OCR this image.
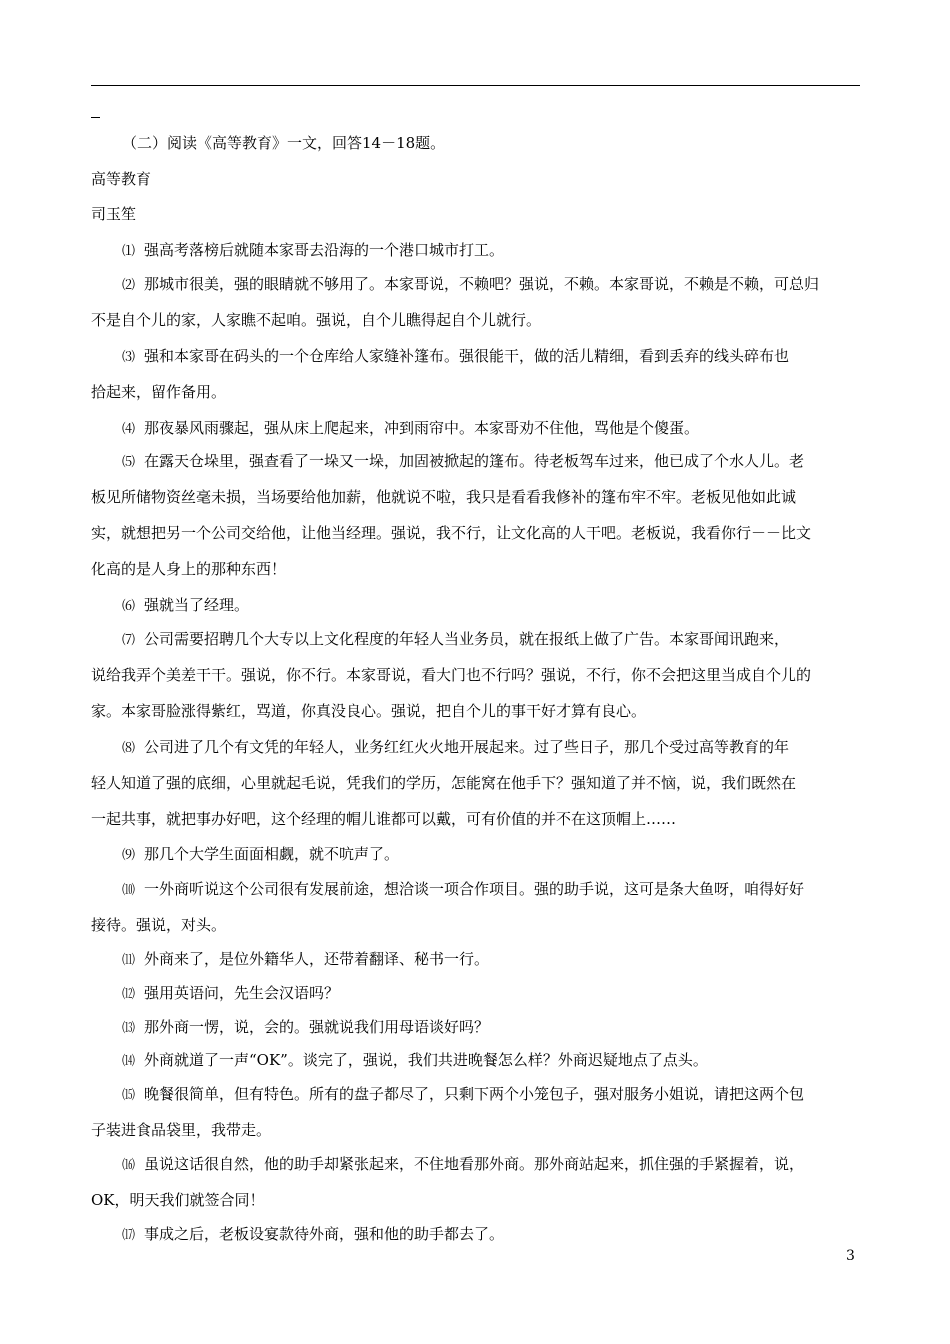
（二）阅读《高等教育》一文，回答14－18题。
高等教育
司玉笙
⑴ 强高考落榜后就随本家哥去沿海的一个港口城市打工。
⑵ 那城市很美，强的眼睛就不够用了。本家哥说，不赖吧？强说，不赖。本家哥说，不赖是不赖，可总归
不是自个儿的家，人家瞧不起咱。强说，自个儿瞧得起自个儿就行。
⑶ 强和本家哥在码头的一个仓库给人家缝补篷布。强很能干，做的活儿精细，看到丢弃的线头碎布也
拾起来，留作备用。
⑷ 那夜暴风雨骤起，强从床上爬起来，冲到雨帘中。本家哥劝不住他，骂他是个傻蛋。
⑸ 在露天仓垛里，强查看了一垛又一垛，加固被掀起的篷布。待老板驾车过来，他已成了个水人儿。老
板见所储物资丝毫未损，当场要给他加薪，他就说不啦，我只是看看我修补的篷布牢不牢。老板见他如此诚
实，就想把另一个公司交给他，让他当经理。强说，我不行，让文化高的人干吧。老板说，我看你行－－比文
化高的是人身上的那种东西！
⑹ 强就当了经理。
⑺ 公司需要招聘几个大专以上文化程度的年轻人当业务员，就在报纸上做了广告。本家哥闻讯跑来，
说给我弄个美差干干。强说，你不行。本家哥说，看大门也不行吗？强说，不行，你不会把这里当成自个儿的
家。本家哥脸涨得紫红，骂道，你真没良心。强说，把自个儿的事干好才算有良心。
⑻ 公司进了几个有文凭的年轻人，业务红红火火地开展起来。过了些日子，那几个受过高等教育的年
轻人知道了强的底细，心里就起毛说，凭我们的学历，怎能窝在他手下？强知道了并不恼，说，我们既然在
一起共事，就把事办好吧，这个经理的帽儿谁都可以戴，可有价值的并不在这顶帽上……
⑼ 那几个大学生面面相觑，就不吭声了。
⑽ 一外商听说这个公司很有发展前途，想洽谈一项合作项目。强的助手说，这可是条大鱼呀，咱得好好
接待。强说，对头。
⑾ 外商来了，是位外籍华人，还带着翻译、秘书一行。
⑿ 强用英语问，先生会汉语吗？
⒀ 那外商一愣，说，会的。强就说我们用母语谈好吗？
⒁ 外商就道了一声“OK”。谈完了，强说，我们共进晚餐怎么样？外商迟疑地点了点头。
⒂ 晚餐很简单，但有特色。所有的盘子都尽了，只剩下两个小笼包子，强对服务小姐说，请把这两个包
子装进食品袋里，我带走。
⒃ 虽说这话很自然，他的助手却紧张起来，不住地看那外商。那外商站起来，抓住强的手紧握着，说，
OK，明天我们就签合同！
⒄ 事成之后，老板设宴款待外商，强和他的助手都去了。
3
